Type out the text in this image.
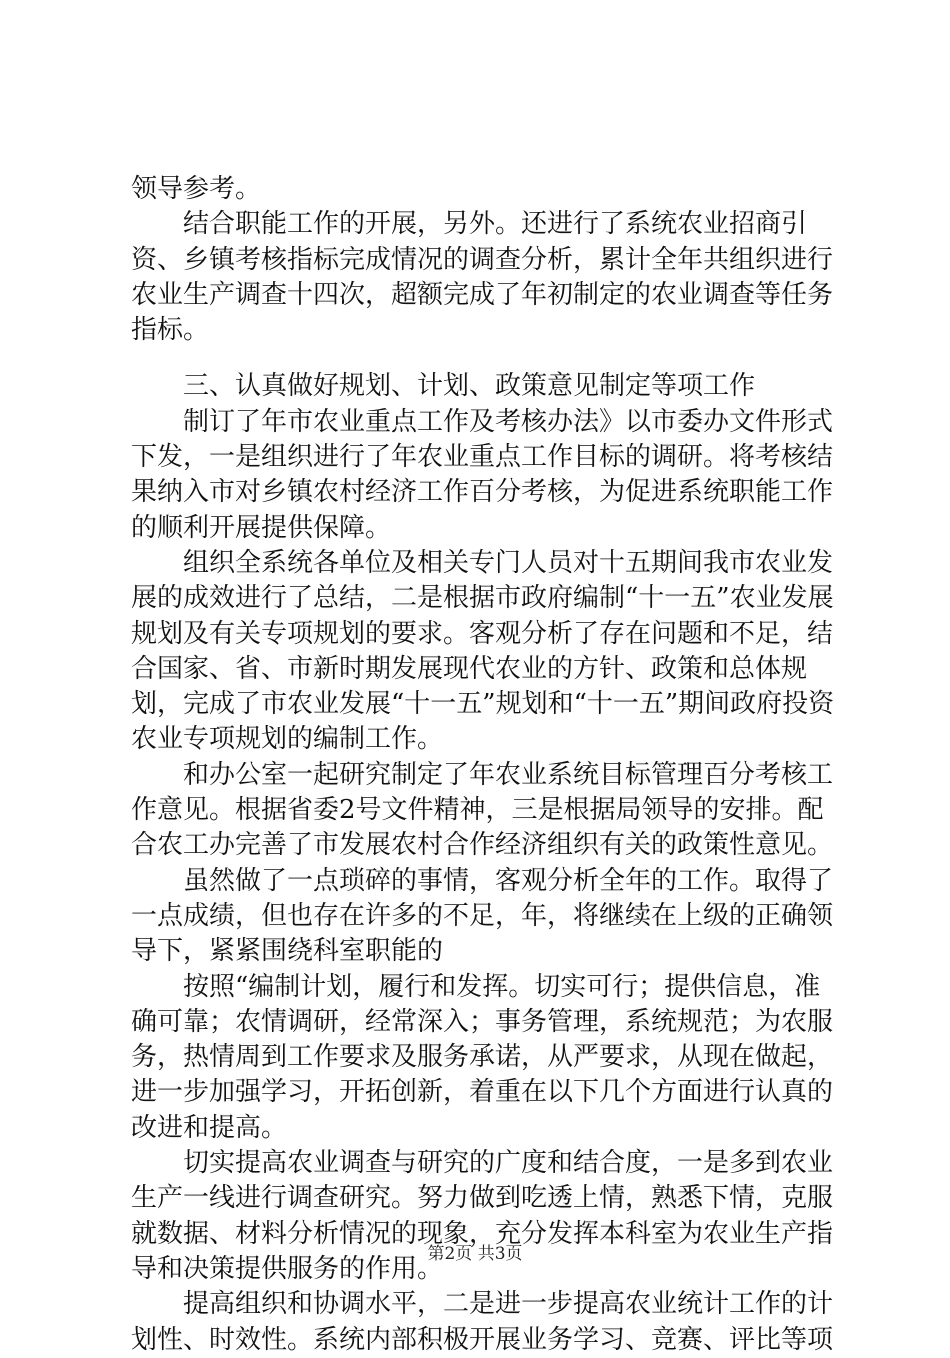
领导参考。

结合职能工作的开展，另外。还进行了系统农业招商引资、乡镇考核指标完成情况的调查分析，累计全年共组织进行农业生产调查十四次，超额完成了年初制定的农业调查等任务指标。

三、认真做好规划、计划、政策意见制定等项工作

制订了年市农业重点工作及考核办法》以市委办文件形式下发，一是组织进行了年农业重点工作目标的调研。将考核结果纳入市对乡镇农村经济工作百分考核，为促进系统职能工作的顺利开展提供保障。

组织全系统各单位及相关专门人员对十五期间我市农业发展的成效进行了总结，二是根据市政府编制“十一五”农业发展规划及有关专项规划的要求。客观分析了存在问题和不足，结合国家、省、市新时期发展现代农业的方针、政策和总体规划，完成了市农业发展“十一五”规划和“十一五”期间政府投资农业专项规划的编制工作。

和办公室一起研究制定了年农业系统目标管理百分考核工作意见。根据省委2号文件精神，三是根据局领导的安排。配合农工办完善了市发展农村合作经济组织有关的政策性意见。

虽然做了一点琐碎的事情，客观分析全年的工作。取得了一点成绩，但也存在许多的不足，年，将继续在上级的正确领导下，紧紧围绕科室职能的

按照“编制计划，履行和发挥。切实可行；提供信息，准确可靠；农情调研，经常深入；事务管理，系统规范；为农服务，热情周到工作要求及服务承诺，从严要求，从现在做起，进一步加强学习，开拓创新，着重在以下几个方面进行认真的改进和提高。

切实提高农业调查与研究的广度和结合度，一是多到农业生产一线进行调查研究。努力做到吃透上情，熟悉下情，克服就数据、材料分析情况的现象，充分发挥本科室为农业生产指导和决策提供服务的作用。

提高组织和协调水平，二是进一步提高农业统计工作的计划性、时效性。系统内部积极开展业务学习、竞赛、评比等项

第2页 共3页
